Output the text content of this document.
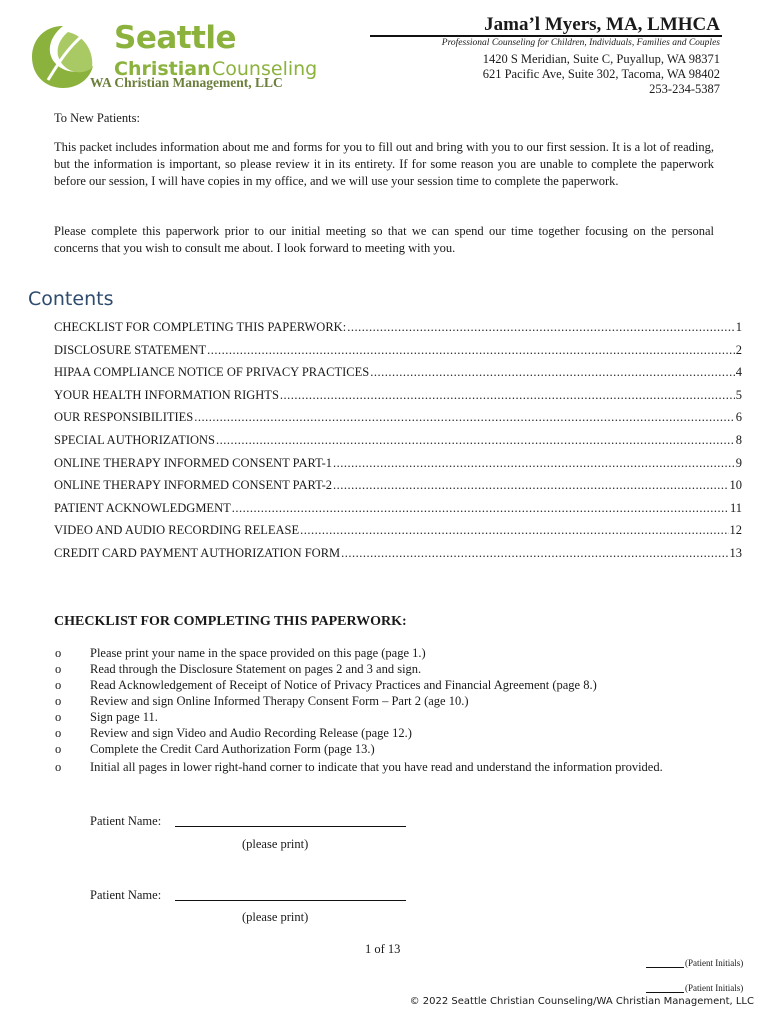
Seattle
Christian Counseling
WA Christian Management, LLC
Jama’l Myers, MA, LMHCA
Professional Counseling for Children, Individuals, Families and Couples
1420 S Meridian, Suite C, Puyallup, WA 98371
621 Pacific Ave, Suite 302, Tacoma, WA 98402
253-234-5387
To New Patients:
This packet includes information about me and forms for you to fill out and bring with you to our first session. It is a lot of reading, but the information is important, so please review it in its entirety. If for some reason you are unable to complete the paperwork before our session, I will have copies in my office, and we will use your session time to complete the paperwork.
Please complete this paperwork prior to our initial meeting so that we can spend our time together focusing on the personal concerns that you wish to consult me about. I look forward to meeting with you.
Contents
CHECKLIST FOR COMPLETING THIS PAPERWORK: .....	1
DISCLOSURE STATEMENT .....	2
HIPAA COMPLIANCE NOTICE OF PRIVACY PRACTICES .....	4
YOUR HEALTH INFORMATION RIGHTS .....	5
OUR RESPONSIBILITIES .....	6
SPECIAL AUTHORIZATIONS .....	8
ONLINE THERAPY INFORMED CONSENT PART-1 .....	9
ONLINE THERAPY INFORMED CONSENT PART-2 .....	10
PATIENT ACKNOWLEDGMENT .....	11
VIDEO AND AUDIO RECORDING RELEASE .....	12
CREDIT CARD PAYMENT AUTHORIZATION FORM .....	13
CHECKLIST FOR COMPLETING THIS PAPERWORK:
o Please print your name in the space provided on this page (page 1.)
o Read through the Disclosure Statement on pages 2 and 3 and sign.
o Read Acknowledgement of Receipt of Notice of Privacy Practices and Financial Agreement (page 8.)
o Review and sign Online Informed Therapy Consent Form – Part 2 (age 10.)
o Sign page 11.
o Review and sign Video and Audio Recording Release (page 12.)
o Complete the Credit Card Authorization Form (page 13.)
o Initial all pages in lower right-hand corner to indicate that you have read and understand the information provided.
Patient Name:
(please print)
Patient Name:
(please print)
1 of 13
(Patient Initials)
(Patient Initials)
© 2022 Seattle Christian Counseling/WA Christian Management, LLC
